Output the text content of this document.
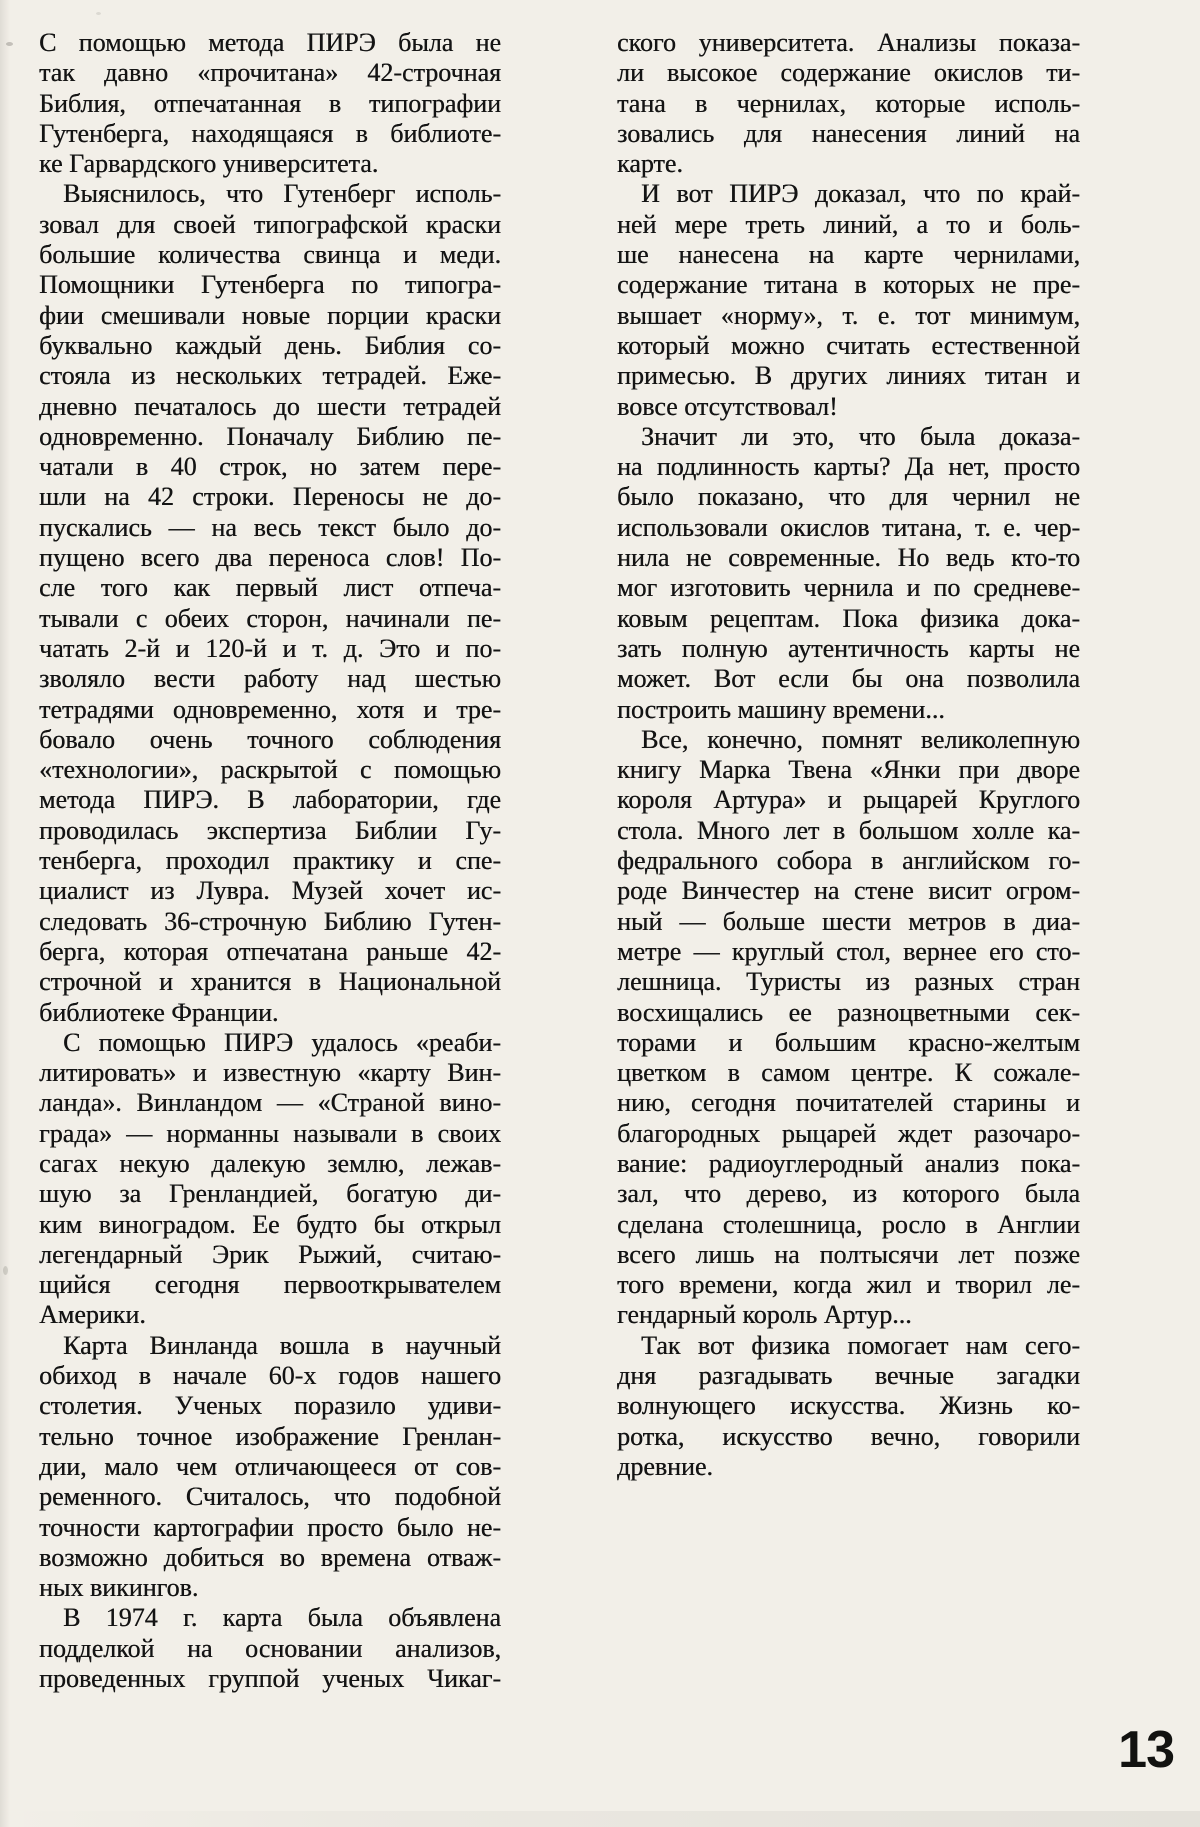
С помощью метода ПИРЭ была не
так давно «прочитана» 42-строчная
Библия, отпечатанная в типографии
Гутенберга, находящаяся в библиоте-
ке Гарвардского университета.
Выяснилось, что Гутенберг исполь-
зовал для своей типографской краски
большие количества свинца и меди.
Помощники Гутенберга по типогра-
фии смешивали новые порции краски
буквально каждый день. Библия со-
стояла из нескольких тетрадей. Еже-
дневно печаталось до шести тетрадей
одновременно. Поначалу Библию пе-
чатали в 40 строк, но затем пере-
шли на 42 строки. Переносы не до-
пускались — на весь текст было до-
пущено всего два переноса слов! По-
сле того как первый лист отпеча-
тывали с обеих сторон, начинали пе-
чатать 2-й и 120-й и т. д. Это и по-
зволяло вести работу над шестью
тетрадями одновременно, хотя и тре-
бовало очень точного соблюдения
«технологии», раскрытой с помощью
метода ПИРЭ. В лаборатории, где
проводилась экспертиза Библии Гу-
тенберга, проходил практику и спе-
циалист из Лувра. Музей хочет ис-
следовать 36-строчную Библию Гутен-
берга, которая отпечатана раньше 42-
строчной и хранится в Национальной
библиотеке Франции.
С помощью ПИРЭ удалось «реаби-
литировать» и известную «карту Вин-
ланда». Винландом — «Страной вино-
града» — норманны называли в своих
сагах некую далекую землю, лежав-
шую за Гренландией, богатую ди-
ким виноградом. Ее будто бы открыл
легендарный Эрик Рыжий, считаю-
щийся сегодня первооткрывателем
Америки.
Карта Винланда вошла в научный
обиход в начале 60-х годов нашего
столетия. Ученых поразило удиви-
тельно точное изображение Гренлан-
дии, мало чем отличающееся от сов-
ременного. Считалось, что подобной
точности картографии просто было не-
возможно добиться во времена отваж-
ных викингов.
В 1974 г. карта была объявлена
подделкой на основании анализов,
проведенных группой ученых Чикаг-
ского университета. Анализы показа-
ли высокое содержание окислов ти-
тана в чернилах, которые исполь-
зовались для нанесения линий на
карте.
И вот ПИРЭ доказал, что по край-
ней мере треть линий, а то и боль-
ше нанесена на карте чернилами,
содержание титана в которых не пре-
вышает «норму», т. е. тот минимум,
который можно считать естественной
примесью. В других линиях титан и
вовсе отсутствовал!
Значит ли это, что была доказа-
на подлинность карты? Да нет, просто
было показано, что для чернил не
использовали окислов титана, т. е. чер-
нила не современные. Но ведь кто-то
мог изготовить чернила и по средневе-
ковым рецептам. Пока физика дока-
зать полную аутентичность карты не
может. Вот если бы она позволила
построить машину времени...
Все, конечно, помнят великолепную
книгу Марка Твена «Янки при дворе
короля Артура» и рыцарей Круглого
стола. Много лет в большом холле ка-
федрального собора в английском го-
роде Винчестер на стене висит огром-
ный — больше шести метров в диа-
метре — круглый стол, вернее его сто-
лешница. Туристы из разных стран
восхищались ее разноцветными сек-
торами и большим красно-желтым
цветком в самом центре. К сожале-
нию, сегодня почитателей старины и
благородных рыцарей ждет разочаро-
вание: радиоуглеродный анализ пока-
зал, что дерево, из которого была
сделана столешница, росло в Англии
всего лишь на полтысячи лет позже
того времени, когда жил и творил ле-
гендарный король Артур...
Так вот физика помогает нам сего-
дня разгадывать вечные загадки
волнующего искусства. Жизнь ко-
ротка, искусство вечно, говорили
древние.
13
